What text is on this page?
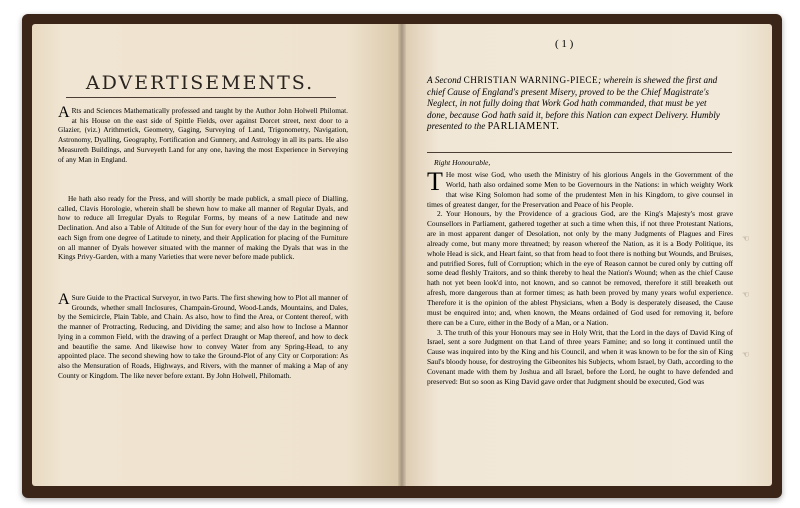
ADVERTISEMENTS.

A Rts and Sciences Mathematically professed and taught by the Author John Holwell Philomat. at his House on the east side of Spittle Fields, over against Dorcet street, next door to a Glazier, (viz.) Arithmetick, Geometry, Gaging, Surveying of Land, Trigonometry, Navigation, Astronomy, Dyalling, Geography, Fortification and Gunnery, and Astrology in all its parts. He also Measureth Buildings, and Surveyeth Land for any one, having the most Experience in Serveying of any Man in England.

He hath also ready for the Press, and will shortly be made publick, a small piece of Dialling, called, Clavis Horologie, wherein shall be shewn how to make all manner of Regular Dyals, and how to reduce all Irregular Dyals to Regular Forms, by means of a new Latitude and new Declination. And also a Table of Altitude of the Sun for every hour of the day in the beginning of each Sign from one degree of Latitude to ninety, and their Application for placing of the Furniture on all manner of Dyals however situated with the manner of making the Dyals that was in the Kings Privy-Garden, with a many Varieties that were never before made publick.

A Sure Guide to the Practical Surveyor, in two Parts. The first shewing how to Plot all manner of Grounds, whether small Inclosures, Champain-Ground, Wood-Lands, Mountains, and Dales, by the Semicircle, Plain Table, and Chain. As also, how to find the Area, or Content thereof, with the manner of Protracting, Reducing, and Dividing the same; and also how to Inclose a Mannor lying in a common Field, with the drawing of a perfect Draught or Map thereof, and how to deck and beautifie the same. And likewise how to convey Water from any Spring-Head, to any appointed place. The second shewing how to take the Ground-Plot of any City or Corporation: As also the Mensuration of Roads, Highways, and Rivers, with the manner of making a Map of any County or Kingdom. The like never before extant. By John Holwell, Philomath.

( 1 )
A Second CHRISTIAN WARNING-PIECE; wherein is shewed the first and chief Cause of England's present Misery, proved to be the Chief Magistrate's Neglect, in not fully doing that Work God hath commanded, that must be yet done, because God hath said it, before this Nation can expect Delivery. Humbly presented to the PARLIAMENT.
Right Honourable,

T He most wise God, who useth the Ministry of his glorious Angels in the Government of the World, hath also ordained some Men to be Governours in the Nations: in which weighty Work that wise King Solomon had some of the prudentest Men in his Kingdom, to give counsel in times of greatest danger, for the Preservation and Peace of his People.

2. Your Honours, by the Providence of a gracious God, are the King's Majesty's most grave Counsellors in Parliament, gathered together at such a time when this, if not three Protestant Nations, are in most apparent danger of Desolation, not only by the many Judgments of Plagues and Fires already come, but many more threatned; by reason whereof the Nation, as it is a Body Politique, its whole Head is sick, and Heart faint, so that from head to foot there is nothing but Wounds, and Bruises, and putrified Sores, full of Corruption; which in the eye of Reason cannot be cured only by cutting off some dead fleshly Traitors, and so think thereby to heal the Nation's Wound; when as the chief Cause hath not yet been look'd into, not known, and so cannot be removed, therefore it still breaketh out afresh, more dangerous than at former times; as hath been proved by many years woful experience. Therefore it is the opinion of the ablest Physicians, when a Body is desperately diseased, the Cause must be enquired into; and, when known, the Means ordained of God used for removing it, before there can be a Cure, either in the Body of a Man, or a Nation.

3. The truth of this your Honours may see in Holy Writ, that the Lord in the days of David King of Israel, sent a sore Judgment on that Land of three years Famine; and so long it continued until the Cause was inquired into by the King and his Council, and when it was known to be for the sin of King Saul's bloody house, for destroying the Gibeonites his Subjects, whom Israel, by Oath, according to the Covenant made with them by Joshua and all Israel, before the Lord, he ought to have defended and preserved: But so soon as King David gave order that Judgment should be executed, God was

☜
☜
☜
